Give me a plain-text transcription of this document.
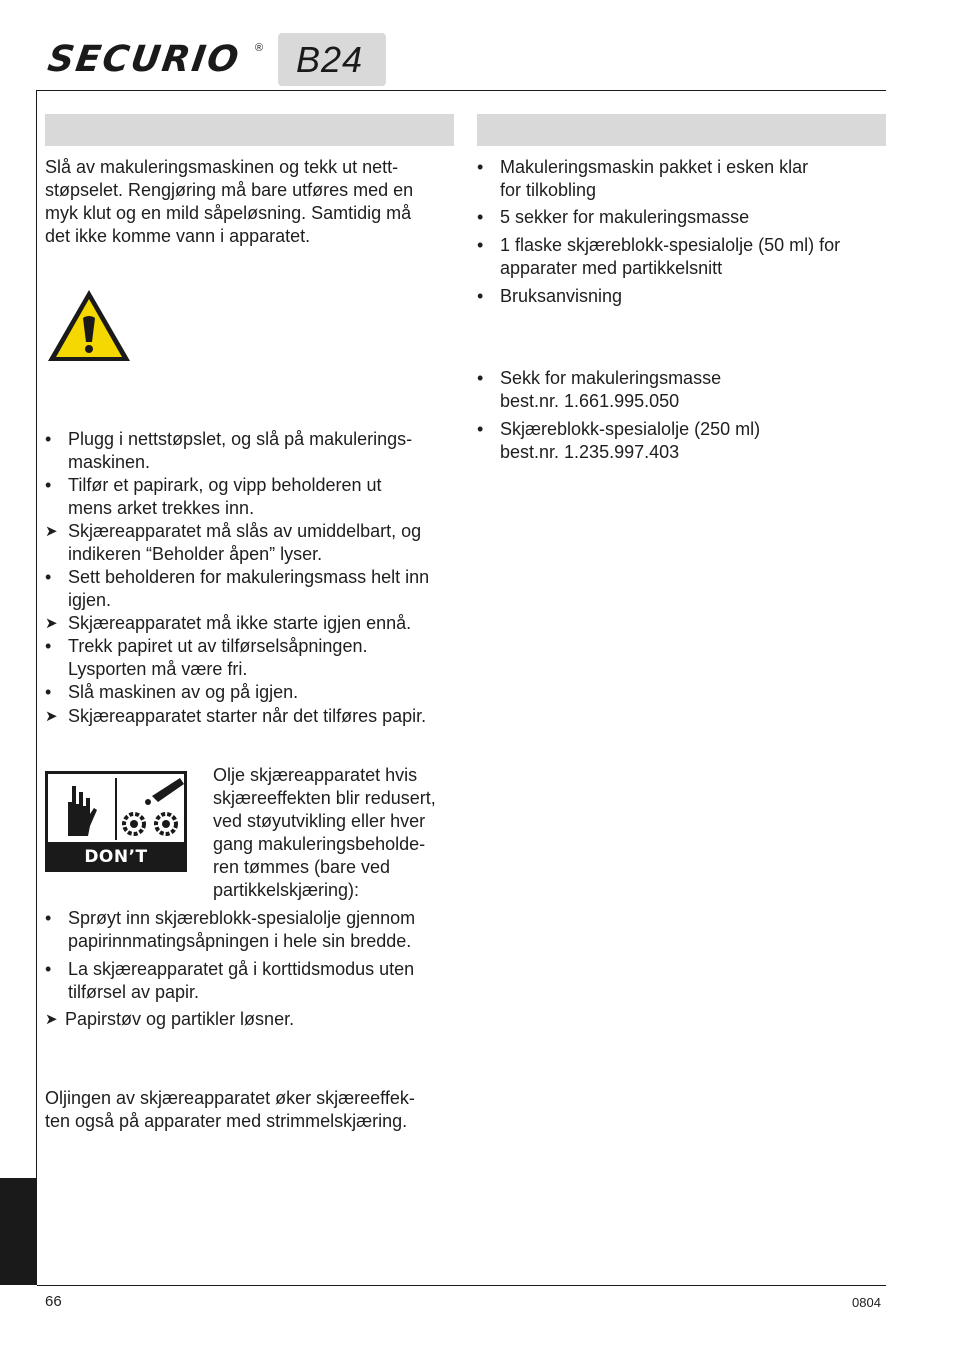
SECURIO ® B24
Slå av makuleringsmaskinen og tekk ut nett-
støpselet. Rengjøring må bare utføres med en
myk klut og en mild såpeløsning. Samtidig må
det ikke komme vann i apparatet.
• Plugg i nettstøpslet, og slå på makulerings-
maskinen.
• Tilfør et papirark, og vipp beholderen ut
mens arket trekkes inn.
➤ Skjæreapparatet må slås av umiddelbart, og
indikeren “Beholder åpen” lyser.
• Sett beholderen for makuleringsmass helt inn
igjen.
➤ Skjæreapparatet må ikke starte igjen ennå.
• Trekk papiret ut av tilførselsåpningen.
Lysporten må være fri.
• Slå maskinen av og på igjen.
➤ Skjæreapparatet starter når det tilføres papir.
DON’T FORGET
Olje skjæreapparatet hvis
skjæreeffekten blir redusert,
ved støyutvikling eller hver
gang makuleringsbeholde-
ren tømmes (bare ved
partikkelskjæring):
• Sprøyt inn skjæreblokk-spesialolje gjennom
papirinnmatingsåpningen i hele sin bredde.
• La skjæreapparatet gå i korttidsmodus uten
tilførsel av papir.
➤ Papirstøv og partikler løsner.
Oljingen av skjæreapparatet øker skjæreeffek-
ten også på apparater med strimmelskjæring.
• Makuleringsmaskin pakket i esken klar
for tilkobling
• 5 sekker for makuleringsmasse
• 1 flaske skjæreblokk-spesialolje (50 ml) for
apparater med partikkelsnitt
• Bruksanvisning
• Sekk for makuleringsmasse
best.nr. 1.661.995.050
• Skjæreblokk-spesialolje (250 ml)
best.nr. 1.235.997.403
66	0804
